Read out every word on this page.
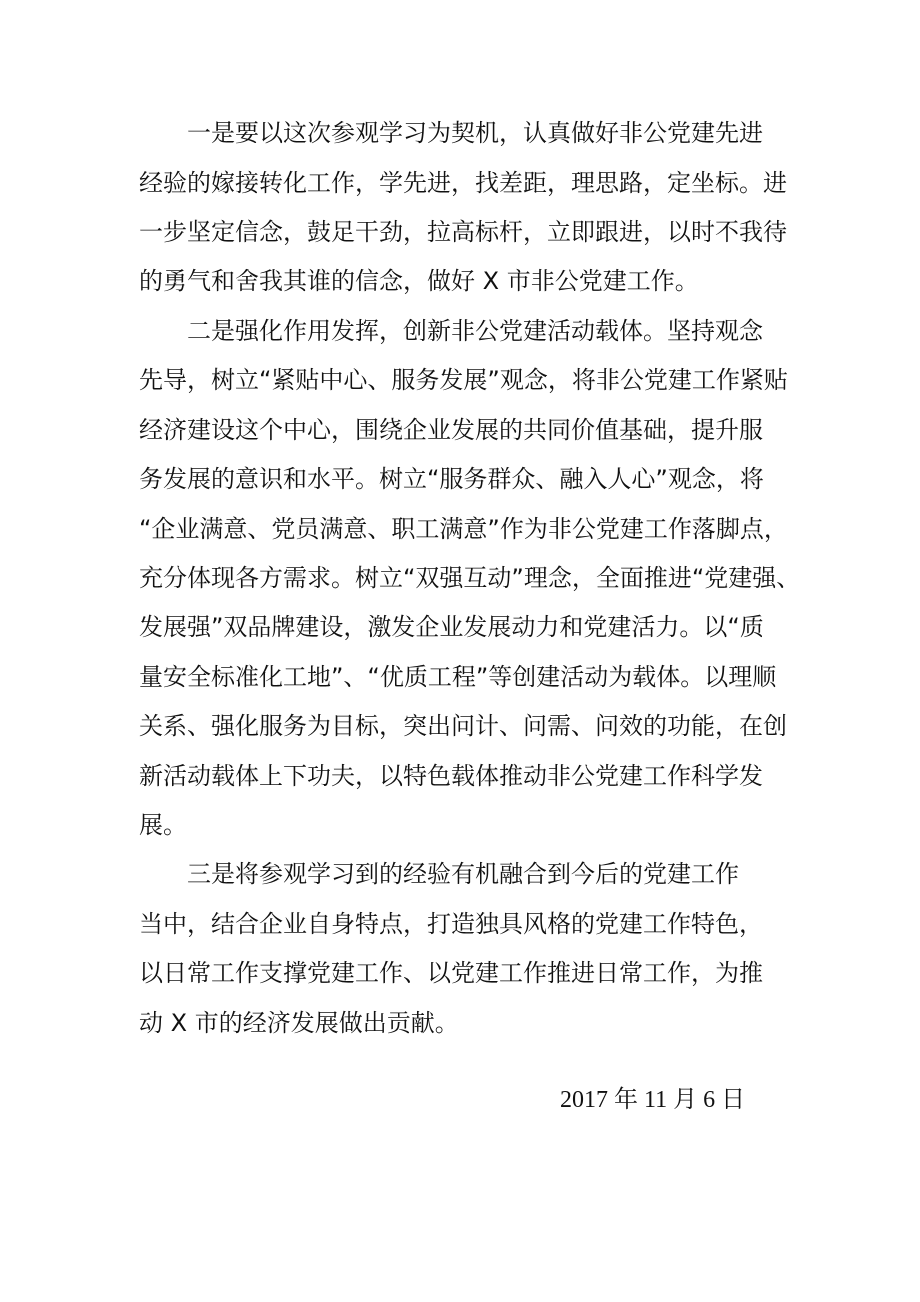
一是要以这次参观学习为契机，认真做好非公党建先进
经验的嫁接转化工作，学先进，找差距，理思路，定坐标。进
一步坚定信念，鼓足干劲，拉高标杆，立即跟进，以时不我待
的勇气和舍我其谁的信念，做好 X 市非公党建工作。
二是强化作用发挥，创新非公党建活动载体。坚持观念
先导，树立“紧贴中心、服务发展”观念，将非公党建工作紧贴
经济建设这个中心，围绕企业发展的共同价值基础，提升服
务发展的意识和水平。树立“服务群众、融入人心”观念，将
“企业满意、党员满意、职工满意”作为非公党建工作落脚点，
充分体现各方需求。树立“双强互动”理念，全面推进“党建强、
发展强”双品牌建设，激发企业发展动力和党建活力。以“质
量安全标准化工地”、“优质工程”等创建活动为载体。以理顺
关系、强化服务为目标，突出问计、问需、问效的功能，在创
新活动载体上下功夫，以特色载体推动非公党建工作科学发
展。
三是将参观学习到的经验有机融合到今后的党建工作
当中，结合企业自身特点，打造独具风格的党建工作特色，
以日常工作支撑党建工作、以党建工作推进日常工作，为推
动 X 市的经济发展做出贡献。
2017 年 11 月 6 日
